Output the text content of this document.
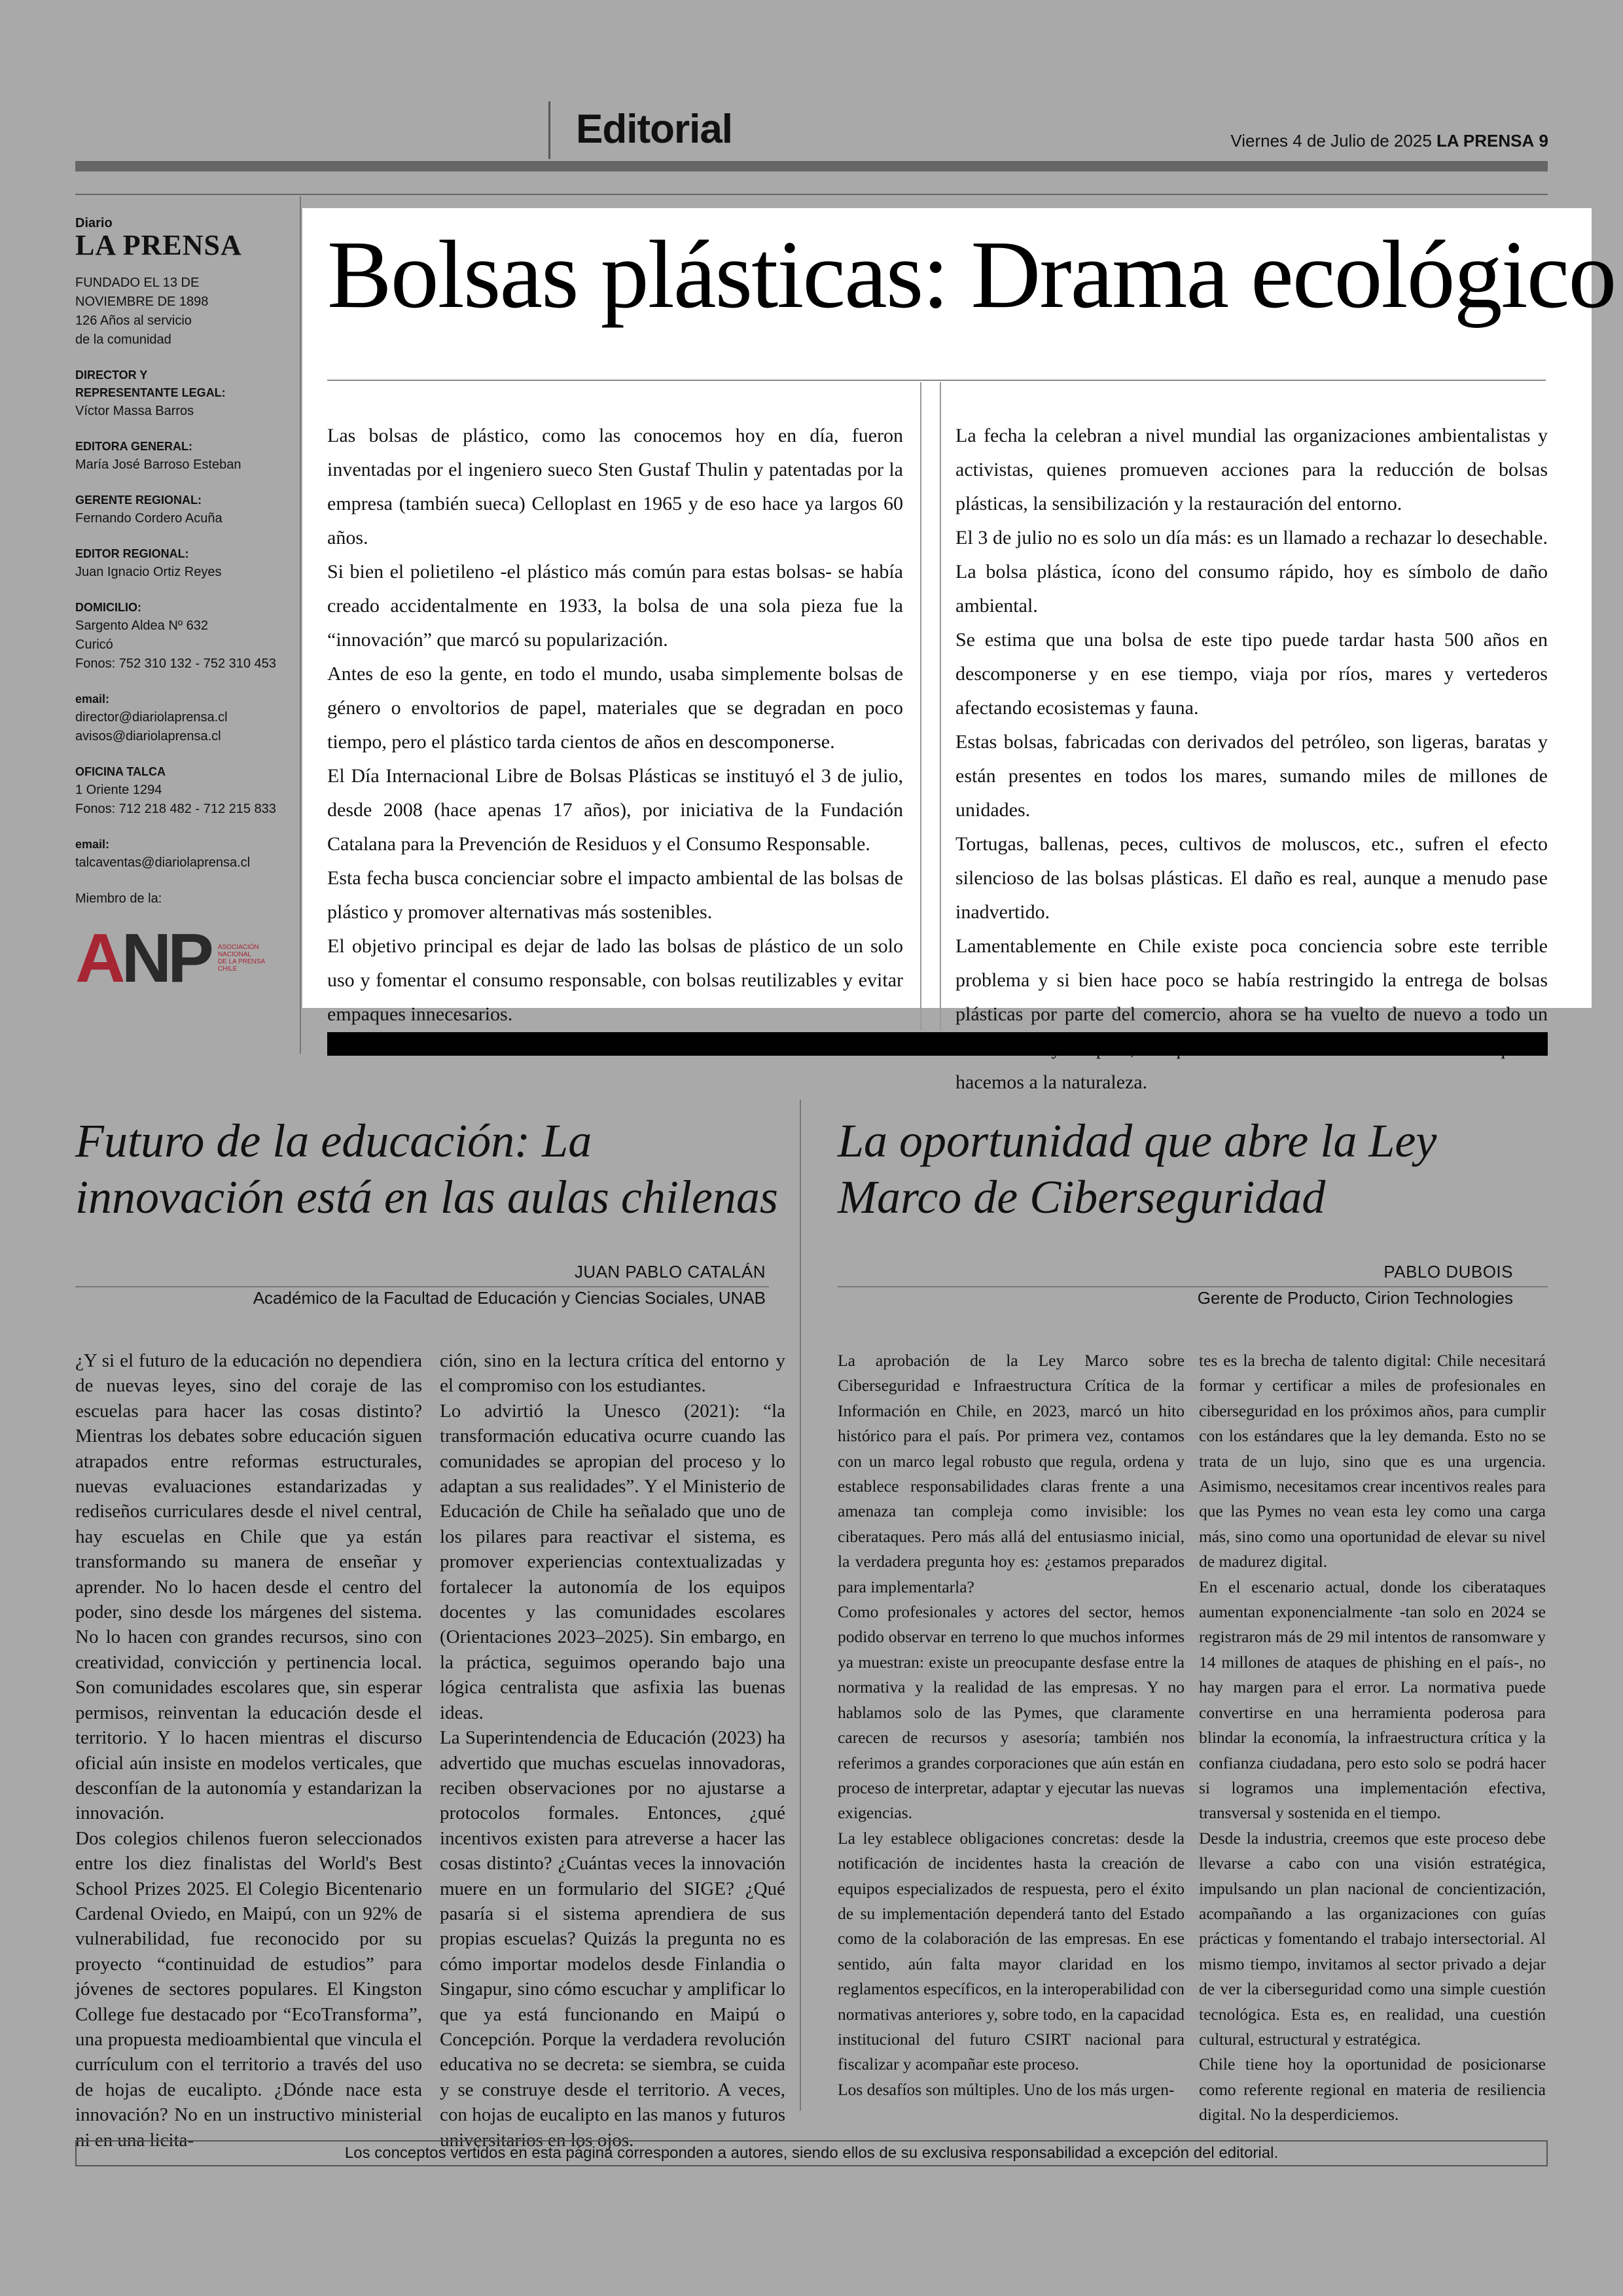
Editorial	Viernes 4 de Julio de 2025 LA PRENSA 9
Diario
LA PRENSA
FUNDADO EL 13 DE
NOVIEMBRE DE 1898
126 Años al servicio
de la comunidad
DIRECTOR Y
REPRESENTANTE LEGAL:
Víctor Massa Barros
EDITORA GENERAL:
María José Barroso Esteban
GERENTE REGIONAL:
Fernando Cordero Acuña
EDITOR REGIONAL:
Juan Ignacio Ortiz Reyes
DOMICILIO:
Sargento Aldea Nº 632
Curicó
Fonos: 752 310 132 - 752 310 453
email:
director@diariolaprensa.cl
avisos@diariolaprensa.cl
OFICINA TALCA
1 Oriente 1294
Fonos: 712 218 482 - 712 215 833
email:
talcaventas@diariolaprensa.cl
Miembro de la:
A NP ASOCIACIÓN
NACIONAL
DE LA PRENSA
CHILE
Bolsas plásticas: Drama ecológico

Las bolsas de plástico, como las conocemos hoy en día, fueron inventadas por el ingeniero sueco Sten Gustaf Thulin y patentadas por la empresa (también sueca) Celloplast en 1965 y de eso hace ya largos 60 años.

Si bien el polietileno -el plástico más común para estas bolsas- se había creado accidentalmente en 1933, la bolsa de una sola pieza fue la “innovación” que marcó su popularización.

Antes de eso la gente, en todo el mundo, usaba simplemente bolsas de género o envoltorios de papel, materiales que se degradan en poco tiempo, pero el plástico tarda cientos de años en descomponerse.

El Día Internacional Libre de Bolsas Plásticas se instituyó el 3 de julio, desde 2008 (hace apenas 17 años), por iniciativa de la Fundación Catalana para la Prevención de Residuos y el Consumo Responsable.

Esta fecha busca concienciar sobre el impacto ambiental de las bolsas de plástico y promover alternativas más sostenibles.

El objetivo principal es dejar de lado las bolsas de plástico de un solo uso y fomentar el consumo responsable, con bolsas reutilizables y evitar empaques innecesarios.

La fecha la celebran a nivel mundial las organizaciones ambientalistas y activistas, quienes promueven acciones para la reducción de bolsas plásticas, la sensibilización y la restauración del entorno.

El 3 de julio no es solo un día más: es un llamado a rechazar lo desechable. La bolsa plástica, ícono del consumo rápido, hoy es símbolo de daño ambiental.

Se estima que una bolsa de este tipo puede tardar hasta 500 años en descomponerse y en ese tiempo, viaja por ríos, mares y vertederos afectando ecosistemas y fauna.

Estas bolsas, fabricadas con derivados del petróleo, son ligeras, baratas y están presentes en todos los mares, sumando miles de millones de unidades.

Tortugas, ballenas, peces, cultivos de moluscos, etc., sufren el efecto silencioso de las bolsas plásticas. El daño es real, aunque a menudo pase inadvertido.

Lamentablemente en Chile existe poca conciencia sobre este terrible problema y si bien hace poco se había restringido la entrega de bolsas plásticas por parte del comercio, ahora se ha vuelto de nuevo a todo un hacemos a la naturaleza.

Futuro de la educación: La innovación está en las aulas chilenas
JUAN PABLO CATALÁN
Académico de la Facultad de Educación y Ciencias Sociales, UNAB

¿Y si el futuro de la educación no dependiera de nuevas leyes, sino del coraje de las escuelas para hacer las cosas distinto? Mientras los debates sobre educación siguen atrapados entre reformas estructurales, nuevas evaluaciones estandarizadas y rediseños curriculares desde el nivel central, hay escuelas en Chile que ya están transformando su manera de enseñar y aprender. No lo hacen desde el centro del poder, sino desde los márgenes del sistema. No lo hacen con grandes recursos, sino con creatividad, convicción y pertinencia local. Son comunidades escolares que, sin esperar permisos, reinventan la educación desde el territorio. Y lo hacen mientras el discurso oficial aún insiste en modelos verticales, que desconfían de la autonomía y estandarizan la innovación.

Dos colegios chilenos fueron seleccionados entre los diez finalistas del World's Best School Prizes 2025. El Colegio Bicentenario Cardenal Oviedo, en Maipú, con un 92% de vulnerabilidad, fue reconocido por su proyecto “continuidad de estudios” para jóvenes de sectores populares. El Kingston College fue destacado por “EcoTransforma”, una propuesta medioambiental que vincula el currículum con el territorio a través del uso de hojas de eucalipto. ¿Dónde nace esta innovación? No en un instructivo ministerial ni en una licita-

ción, sino en la lectura crítica del entorno y el compromiso con los estudiantes.

Lo advirtió la Unesco (2021): “la transformación educativa ocurre cuando las comunidades se apropian del proceso y lo adaptan a sus realidades”. Y el Ministerio de Educación de Chile ha señalado que uno de los pilares para reactivar el sistema, es promover experiencias contextualizadas y fortalecer la autonomía de los equipos docentes y las comunidades escolares (Orientaciones 2023–2025). Sin embargo, en la práctica, seguimos operando bajo una lógica centralista que asfixia las buenas ideas.

La Superintendencia de Educación (2023) ha advertido que muchas escuelas innovadoras, reciben observaciones por no ajustarse a protocolos formales. Entonces, ¿qué incentivos existen para atreverse a hacer las cosas distinto? ¿Cuántas veces la innovación muere en un formulario del SIGE? ¿Qué pasaría si el sistema aprendiera de sus propias escuelas? Quizás la pregunta no es cómo importar modelos desde Finlandia o Singapur, sino cómo escuchar y amplificar lo que ya está funcionando en Maipú o Concepción. Porque la verdadera revolución educativa no se decreta: se siembra, se cuida y se construye desde el territorio. A veces, con hojas de eucalipto en las manos y futuros universitarios en los ojos.

La oportunidad que abre la Ley Marco de Ciberseguridad
PABLO DUBOIS
Gerente de Producto, Cirion Technologies

La aprobación de la Ley Marco sobre Ciberseguridad e Infraestructura Crítica de la Información en Chile, en 2023, marcó un hito histórico para el país. Por primera vez, contamos con un marco legal robusto que regula, ordena y establece responsabilidades claras frente a una amenaza tan compleja como invisible: los ciberataques. Pero más allá del entusiasmo inicial, la verdadera pregunta hoy es: ¿estamos preparados para implementarla?

Como profesionales y actores del sector, hemos podido observar en terreno lo que muchos informes ya muestran: existe un preocupante desfase entre la normativa y la realidad de las empresas. Y no hablamos solo de las Pymes, que claramente carecen de recursos y asesoría; también nos referimos a grandes corporaciones que aún están en proceso de interpretar, adaptar y ejecutar las nuevas exigencias.

La ley establece obligaciones concretas: desde la notificación de incidentes hasta la creación de equipos especializados de respuesta, pero el éxito de su implementación dependerá tanto del Estado como de la colaboración de las empresas. En ese sentido, aún falta mayor claridad en los reglamentos específicos, en la interoperabilidad con normativas anteriores y, sobre todo, en la capacidad institucional del futuro CSIRT nacional para fiscalizar y acompañar este proceso.

Los desafíos son múltiples. Uno de los más urgen-

tes es la brecha de talento digital: Chile necesitará formar y certificar a miles de profesionales en ciberseguridad en los próximos años, para cumplir con los estándares que la ley demanda. Esto no se trata de un lujo, sino que es una urgencia. Asimismo, necesitamos crear incentivos reales para que las Pymes no vean esta ley como una carga más, sino como una oportunidad de elevar su nivel de madurez digital.

En el escenario actual, donde los ciberataques aumentan exponencialmente -tan solo en 2024 se registraron más de 29 mil intentos de ransomware y 14 millones de ataques de phishing en el país-, no hay margen para el error. La normativa puede convertirse en una herramienta poderosa para blindar la economía, la infraestructura crítica y la confianza ciudadana, pero esto solo se podrá hacer si logramos una implementación efectiva, transversal y sostenida en el tiempo.

Desde la industria, creemos que este proceso debe llevarse a cabo con una visión estratégica, impulsando un plan nacional de concientización, acompañando a las organizaciones con guías prácticas y fomentando el trabajo intersectorial. Al mismo tiempo, invitamos al sector privado a dejar de ver la ciberseguridad como una simple cuestión tecnológica. Esta es, en realidad, una cuestión cultural, estructural y estratégica.

Chile tiene hoy la oportunidad de posicionarse como referente regional en materia de resiliencia digital. No la desperdiciemos.

Los conceptos vertidos en esta página corresponden a autores, siendo ellos de su exclusiva responsabilidad a excepción del editorial.
